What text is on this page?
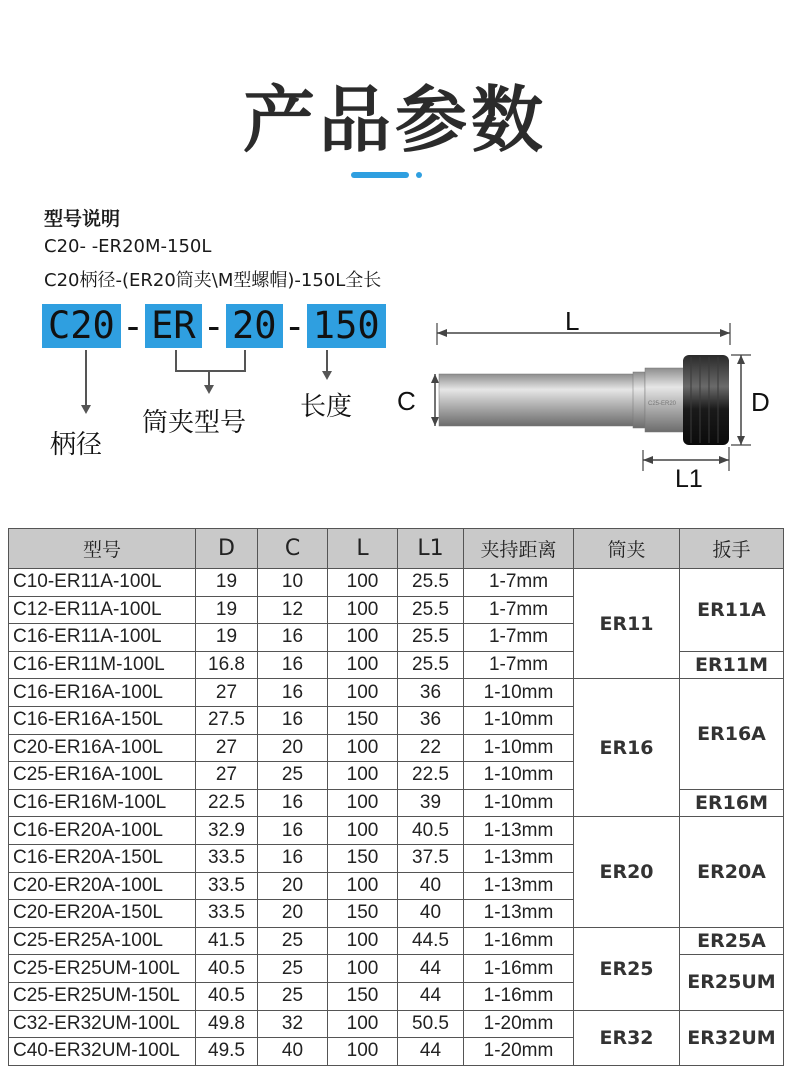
产品参数
型号说明
C20- -ER20M-150L
C20柄径-(ER20筒夹\M型螺帽)-150L全长
C20 - ER - 20 - 150
柄径
筒夹型号
长度
L
C	C25-ER20	D
L1
型号	D	C	L	L1	夹持距离	筒夹	扳手
C10-ER11A-100L	19	10	100	25.5	1-7mm	ER11	ER11A
C12-ER11A-100L	19	12	100	25.5	1-7mm		
C16-ER11A-100L	19	16	100	25.5	1-7mm		
C16-ER11M-100L	16.8	16	100	25.5	1-7mm		ER11M
C16-ER16A-100L	27	16	100	36	1-10mm	ER16	ER16A
C16-ER16A-150L	27.5	16	150	36	1-10mm		
C20-ER16A-100L	27	20	100	22	1-10mm		
C25-ER16A-100L	27	25	100	22.5	1-10mm		
C16-ER16M-100L	22.5	16	100	39	1-10mm		ER16M
C16-ER20A-100L	32.9	16	100	40.5	1-13mm	ER20	ER20A
C16-ER20A-150L	33.5	16	150	37.5	1-13mm		
C20-ER20A-100L	33.5	20	100	40	1-13mm		
C20-ER20A-150L	33.5	20	150	40	1-13mm		
C25-ER25A-100L	41.5	25	100	44.5	1-16mm	ER25	ER25A
C25-ER25UM-100L	40.5	25	100	44	1-16mm		ER25UM
C25-ER25UM-150L	40.5	25	150	44	1-16mm		
C32-ER32UM-100L	49.8	32	100	50.5	1-20mm	ER32	ER32UM
C40-ER32UM-100L	49.5	40	100	44	1-20mm		
